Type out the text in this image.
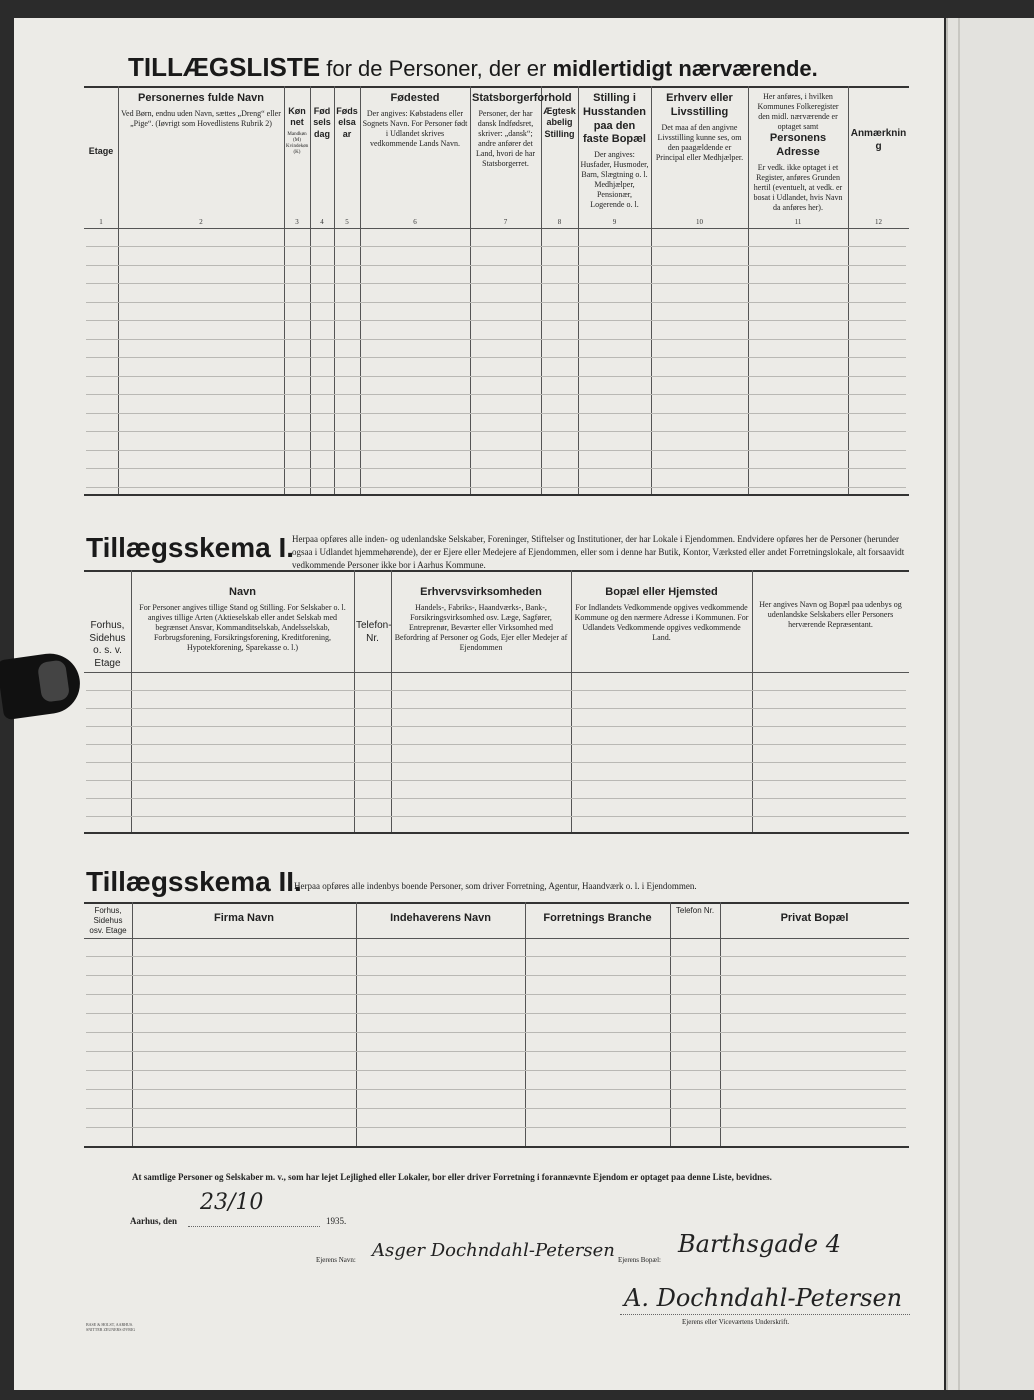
TILLÆGSLISTE for de Personer, der er midlertidigt nærværende.
Etage
1
Personernes fulde Navn
Ved Børn, endnu uden Navn, sættes „Dreng“ eller „Pige“. (Iøvrigt som Hovedlistens Rubrik 2)
2
Kønnet
Mandkøn (M) Kvindekøn (K)
3
Fødselsdag
4
Fødselsaar
5
Fødested
Der angives: Købstadens eller Sognets Navn. For Personer født i Udlandet skrives vedkommende Lands Navn.
6
Statsborgerforhold
Personer, der har dansk Indfødsret, skriver: „dansk“; andre anfører det Land, hvori de har Statsborgerret.
7
Ægteskabelig Stilling
8
Stilling i Husstanden paa den faste Bopæl
Der angives: Husfader, Husmoder, Barn, Slægtning o. l. Medhjælper, Pensionær, Logerende o. l.
9
Erhverv eller Livsstilling
Det maa af den angivne Livsstilling kunne ses, om den paagældende er Principal eller Medhjælper.
10
Her anføres, i hvilken Kommunes Folkeregister
den midl. nærværende er optaget samt
Personens Adresse
Er vedk. ikke optaget i et Register, anføres Grunden hertil (eventuelt, at vedk. er bosat i Udlandet, hvis Navn da anføres her).
11
Anmærkning
12
Forhus, Sidehus o. s. v. Etage
Navn
For Personer angives tillige Stand og Stilling. For Selskaber o. l. angives tillige Arten (Aktieselskab eller andet Selskab med begrænset Ansvar, Kommanditselskab, Andelsselskab, Forbrugsforening, Forsikringsforening, Kreditforening, Hypotekforening, Sparekasse o. l.)
Telefon-Nr.
Erhvervsvirksomheden
Handels-, Fabriks-, Haandværks-, Bank-, Forsikringsvirksomhed osv. Læge, Sagfører, Entreprenør, Beværter eller Virksomhed med Befordring af Personer og Gods, Ejer eller Medejer af Ejendommen
Bopæl eller Hjemsted
For Indlandets Vedkommende opgives vedkommende Kommune og den nærmere Adresse i Kommunen. For Udlandets Vedkommende opgives vedkommende Land.
Her angives Navn og Bopæl paa udenbys og udenlandske Selskabers eller Personers herværende Repræsentant.
Forhus, Sidehus osv. Etage
Firma Navn	Indehaverens Navn	Forretnings Branche
Telefon Nr.
Privat Bopæl
Tillægsskema I.
Herpaa opføres alle inden- og udenlandske Selskaber, Foreninger, Stiftelser og Institutioner, der har Lokale i Ejendommen. Endvidere opføres her de Personer (herunder ogsaa i Udlandet hjemmehørende), der er Ejere eller Medejere af Ejendommen, eller som i denne har Butik, Kontor, Værksted eller andet Forretningslokale, alt forsaavidt vedkommende Personer ikke bor i Aarhus Kommune.
Tillægsskema II.
Herpaa opføres alle indenbys boende Personer, som driver Forretning, Agentur, Haandværk o. l. i Ejendommen.
At samtlige Personer og Selskaber m. v., som har lejet Lejlighed eller Lokaler, bor eller driver Forretning i forannævnte Ejendom er optaget paa denne Liste, bevidnes.
Aarhus, den
23/10
1935.
Ejerens Navn: Asger Dochndahl-Petersen Ejerens Bopæl:
Barthsgade 4
A. Dochndahl-Petersen
Ejerens eller Viceværtens Underskrift.
BASE & HOLST, AARHUS. SNITTER ZEUNERS ØVRIG
